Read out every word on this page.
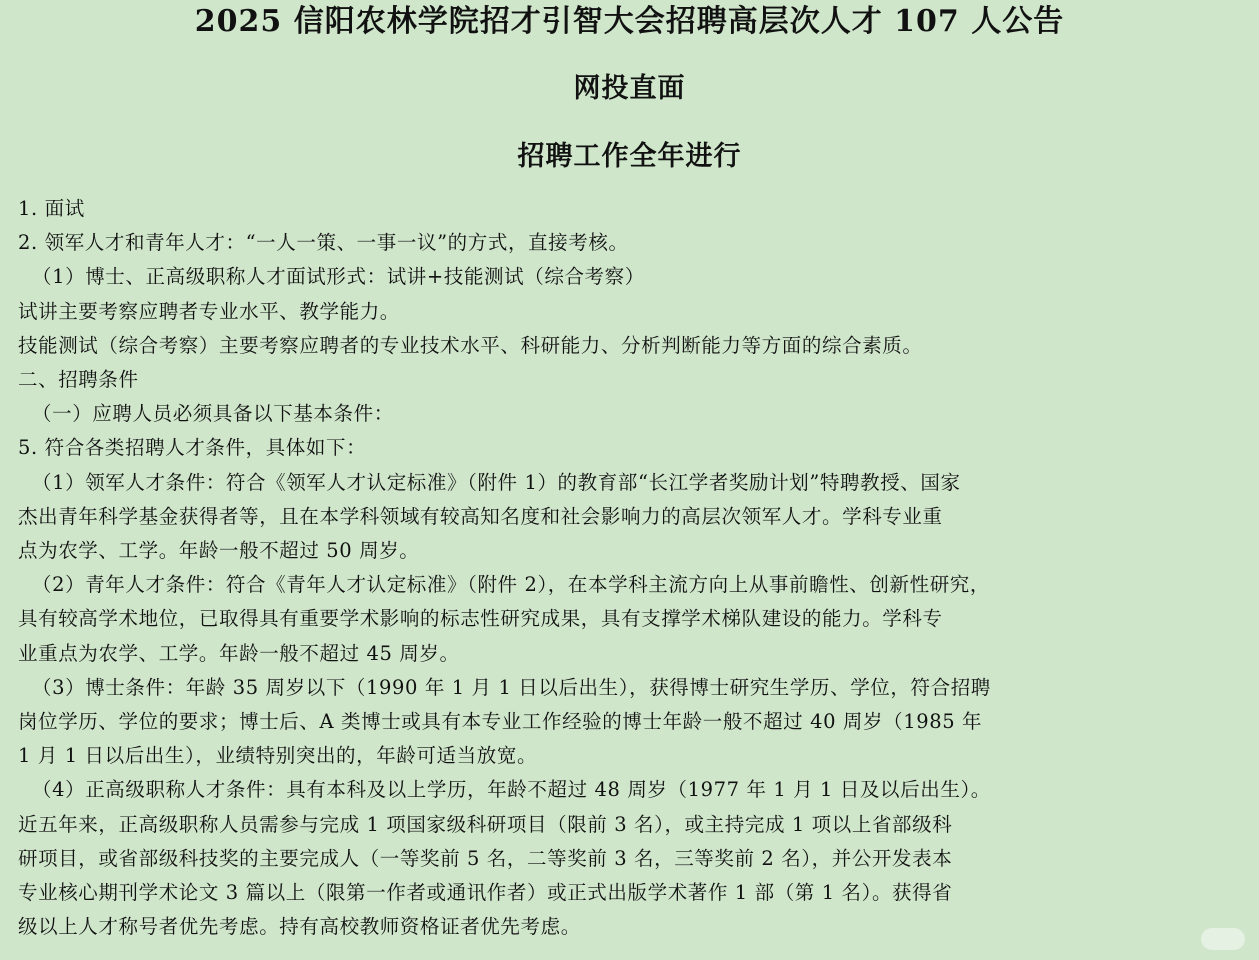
2025 信阳农林学院招才引智大会招聘高层次人才 107 人公告
网投直面
招聘工作全年进行
1. 面试
2. 领军人才和青年人才：“一人一策、一事一议”的方式，直接考核。
（1）博士、正高级职称人才面试形式：试讲+技能测试（综合考察）
试讲主要考察应聘者专业水平、教学能力。
技能测试（综合考察）主要考察应聘者的专业技术水平、科研能力、分析判断能力等方面的综合素质。
二、招聘条件
（一）应聘人员必须具备以下基本条件：
5. 符合各类招聘人才条件，具体如下：
（1）领军人才条件：符合《领军人才认定标准》（附件 1）的教育部“长江学者奖励计划”特聘教授、国家
杰出青年科学基金获得者等，且在本学科领域有较高知名度和社会影响力的高层次领军人才。学科专业重
点为农学、工学。年龄一般不超过 50 周岁。
（2）青年人才条件：符合《青年人才认定标准》（附件 2），在本学科主流方向上从事前瞻性、创新性研究，
具有较高学术地位，已取得具有重要学术影响的标志性研究成果，具有支撑学术梯队建设的能力。学科专
业重点为农学、工学。年龄一般不超过 45 周岁。
（3）博士条件：年龄 35 周岁以下（1990 年 1 月 1 日以后出生），获得博士研究生学历、学位，符合招聘
岗位学历、学位的要求；博士后、A 类博士或具有本专业工作经验的博士年龄一般不超过 40 周岁（1985 年
1 月 1 日以后出生），业绩特别突出的，年龄可适当放宽。
（4）正高级职称人才条件：具有本科及以上学历，年龄不超过 48 周岁（1977 年 1 月 1 日及以后出生）。
近五年来，正高级职称人员需参与完成 1 项国家级科研项目（限前 3 名），或主持完成 1 项以上省部级科
研项目，或省部级科技奖的主要完成人（一等奖前 5 名，二等奖前 3 名，三等奖前 2 名），并公开发表本
专业核心期刊学术论文 3 篇以上（限第一作者或通讯作者）或正式出版学术著作 1 部（第 1 名）。获得省
级以上人才称号者优先考虑。持有高校教师资格证者优先考虑。
